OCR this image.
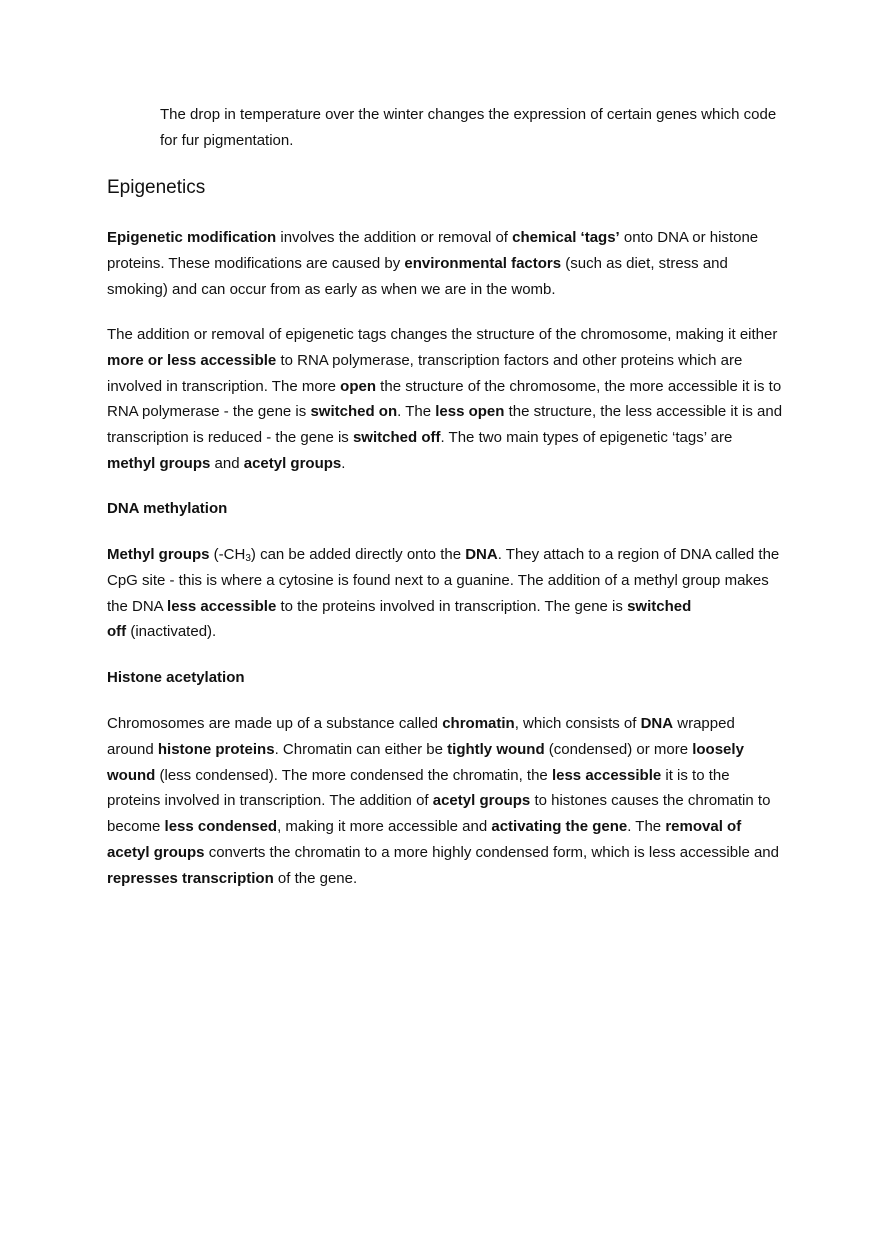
The drop in temperature over the winter changes the expression of certain genes which code
for fur pigmentation.

Epigenetics

Epigenetic modification involves the addition or removal of chemical ‘tags’ onto DNA or histone
proteins. These modifications are caused by environmental factors (such as diet, stress and
smoking) and can occur from as early as when we are in the womb.

The addition or removal of epigenetic tags changes the structure of the chromosome, making it either
more or less accessible to RNA polymerase, transcription factors and other proteins which are
involved in transcription. The more open the structure of the chromosome, the more accessible it is to
RNA polymerase - the gene is switched on. The less open the structure, the less accessible it is and
transcription is reduced - the gene is switched off. The two main types of epigenetic ‘tags’ are
methyl groups and acetyl groups.

DNA methylation

Methyl groups $(-CH_3)$ can be added directly onto the DNA. They attach to a region of DNA called the
CpG site - this is where a cytosine is found next to a guanine. The addition of a methyl group makes
the DNA less accessible to the proteins involved in transcription. The gene is switched
off (inactivated).

Histone acetylation

Chromosomes are made up of a substance called chromatin, which consists of DNA wrapped
around histone proteins. Chromatin can either be tightly wound (condensed) or more loosely
wound (less condensed). The more condensed the chromatin, the less accessible it is to the
proteins involved in transcription. The addition of acetyl groups to histones causes the chromatin to
become less condensed, making it more accessible and activating the gene. The removal of
acetyl groups converts the chromatin to a more highly condensed form, which is less accessible and
represses transcription of the gene.
